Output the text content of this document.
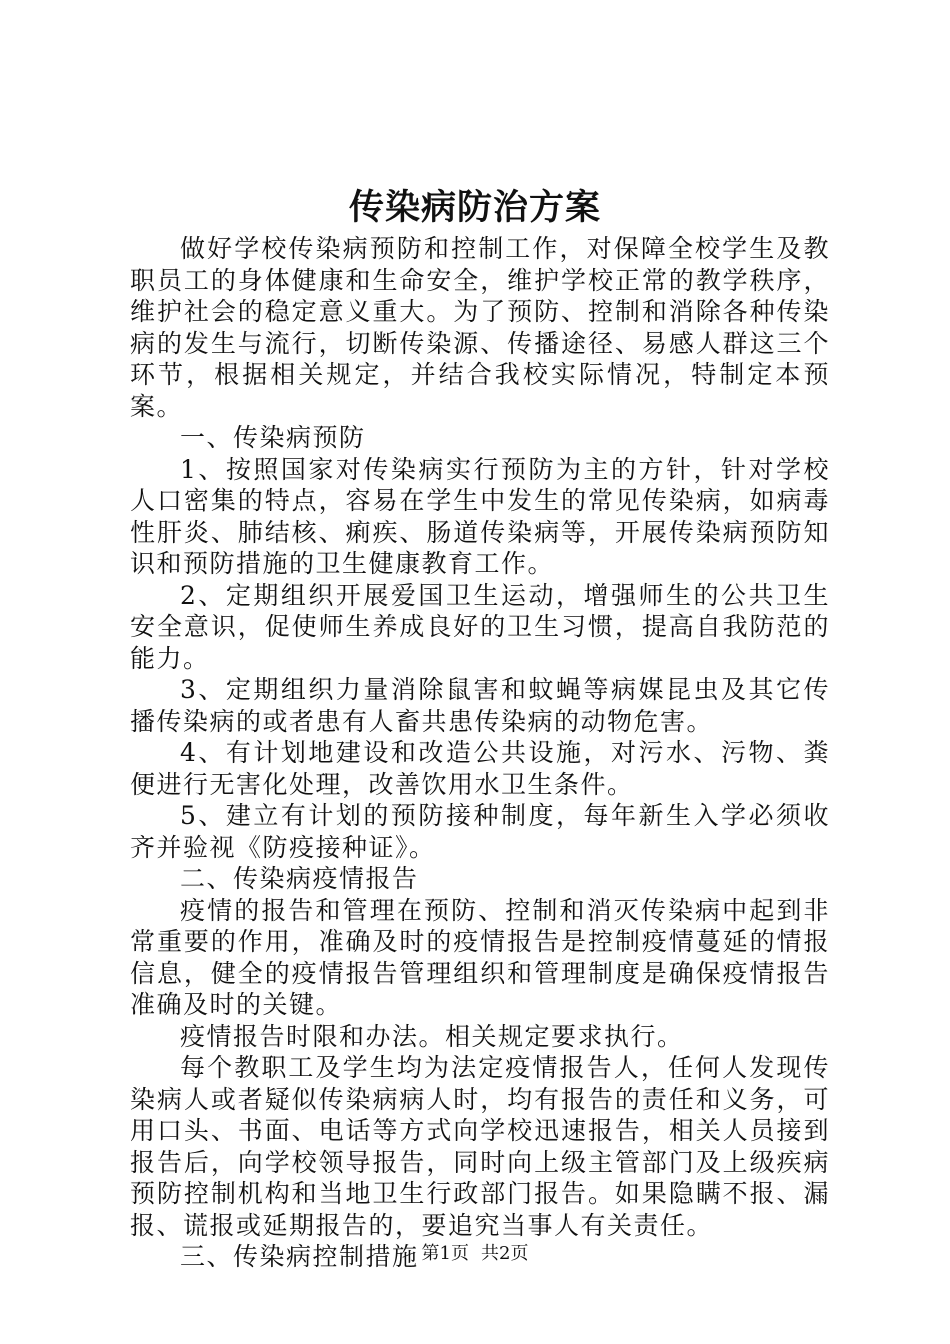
传染病防治方案

做好学校传染病预防和控制工作，对保障全校学生及教职员工的身体健康和生命安全，维护学校正常的教学秩序，维护社会的稳定意义重大。为了预防、控制和消除各种传染病的发生与流行，切断传染源、传播途径、易感人群这三个环节，根据相关规定，并结合我校实际情况，特制定本预案。

一、传染病预防

1、按照国家对传染病实行预防为主的方针，针对学校人口密集的特点，容易在学生中发生的常见传染病，如病毒性肝炎、肺结核、痢疾、肠道传染病等，开展传染病预防知识和预防措施的卫生健康教育工作。

2、定期组织开展爱国卫生运动，增强师生的公共卫生安全意识，促使师生养成良好的卫生习惯，提高自我防范的能力。

3、定期组织力量消除鼠害和蚊蝇等病媒昆虫及其它传播传染病的或者患有人畜共患传染病的动物危害。

4、有计划地建设和改造公共设施，对污水、污物、粪便进行无害化处理，改善饮用水卫生条件。

5、建立有计划的预防接种制度，每年新生入学必须收齐并验视《防疫接种证》。

二、传染病疫情报告

疫情的报告和管理在预防、控制和消灭传染病中起到非常重要的作用，准确及时的疫情报告是控制疫情蔓延的情报信息，健全的疫情报告管理组织和管理制度是确保疫情报告准确及时的关键。

疫情报告时限和办法。相关规定要求执行。

每个教职工及学生均为法定疫情报告人，任何人发现传染病人或者疑似传染病病人时，均有报告的责任和义务，可用口头、书面、电话等方式向学校迅速报告，相关人员接到报告后，向学校领导报告，同时向上级主管部门及上级疾病预防控制机构和当地卫生行政部门报告。如果隐瞒不报、漏报、谎报或延期报告的，要追究当事人有关责任。

三、传染病控制措施 第1页 共2页
